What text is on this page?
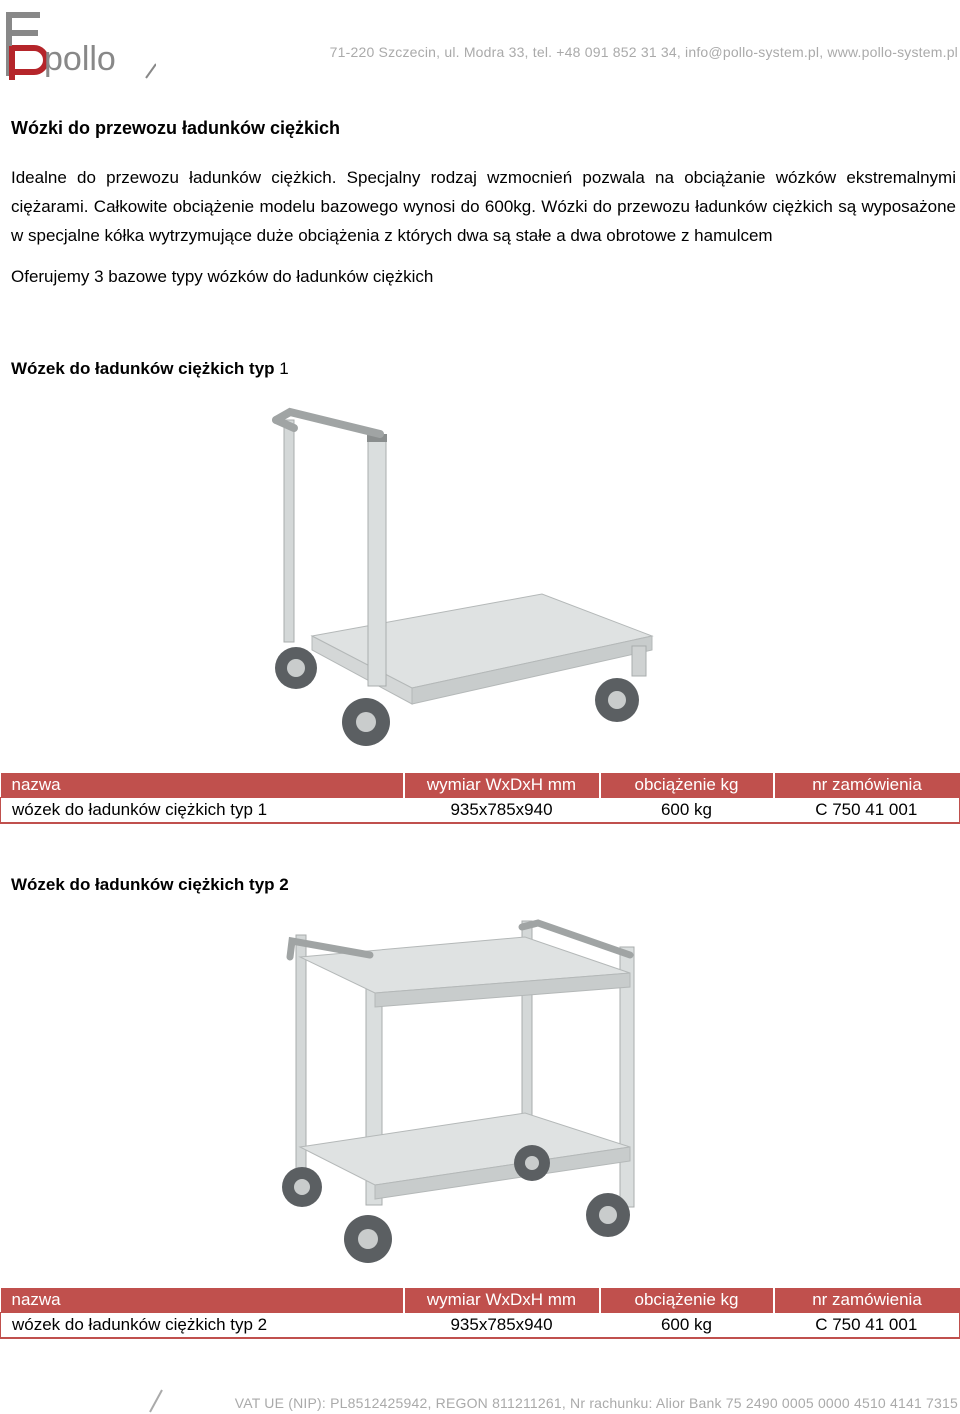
pollo	71-220 Szczecin, ul. Modra 33, tel. +48 091 852 31 34, info@pollo-system.pl, www.pollo-system.pl
Wózki do przewozu ładunków ciężkich

Idealne do przewozu ładunków ciężkich. Specjalny rodzaj wzmocnień pozwala na obciążanie wózków ekstremalnymi ciężarami. Całkowite obciążenie modelu bazowego wynosi do 600kg. Wózki do przewozu ładunków ciężkich są wyposażone w specjalne kółka wytrzymujące duże obciążenia z których dwa są stałe a dwa obrotowe z hamulcem

Oferujemy 3 bazowe typy wózków do ładunków ciężkich

Wózek do ładunków ciężkich typ 1
nazwa	wymiar WxDxH mm	obciążenie kg	nr zamówienia
wózek do ładunków ciężkich typ 1	935x785x940	600 kg	C 750 41 001
Wózek do ładunków ciężkich typ 2
nazwa	wymiar WxDxH mm	obciążenie kg	nr zamówienia
wózek do ładunków ciężkich typ 2	935x785x940	600 kg	C 750 41 001
VAT UE (NIP): PL8512425942, REGON 811211261, Nr rachunku: Alior Bank 75 2490 0005 0000 4510 4141 7315
